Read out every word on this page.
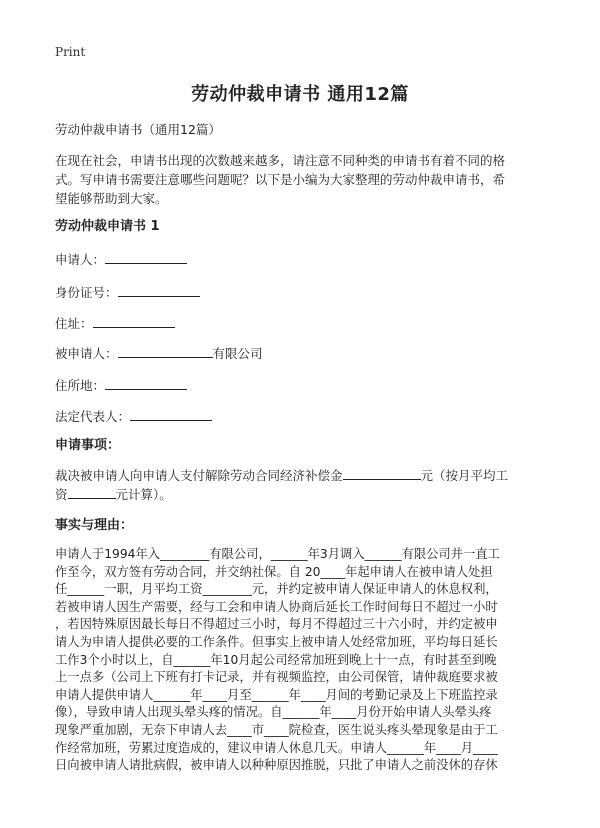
Print
劳动仲裁申请书 通用12篇
劳动仲裁申请书（通用12篇）
在现在社会，申请书出现的次数越来越多，请注意不同种类的申请书有着不同的格
式。写申请书需要注意哪些问题呢？以下是小编为大家整理的劳动仲裁申请书，希
望能够帮助到大家。
劳动仲裁申请书 1
申请人：
身份证号：
住址：
被申请人：	有限公司
住所地：
法定代表人：
申请事项：
裁决被申请人向申请人支付解除劳动合同经济补偿金	元（按月平均工
资	元计算）。
事实与理由：
申请人于1994年入________有限公司，______年3月调入______有限公司并一直工
作至今，双方签有劳动合同，并交纳社保。自 20____年起申请人在被申请人处担
任______一职，月平均工资________元，并约定被申请人保证申请人的休息权利，
若被申请人因生产需要，经与工会和申请人协商后延长工作时间每日不超过一小时
，若因特殊原因最长每日不得超过三小时，每月不得超过三十六小时，并约定被申
请人为申请人提供必要的工作条件。但事实上被申请人处经常加班，平均每日延长
工作3个小时以上，自______年10月起公司经常加班到晚上十一点，有时甚至到晚
上一点多（公司上下班有打卡记录，并有视频监控，由公司保管，请仲裁庭要求被
申请人提供申请人______年____月至______年____月间的考勤记录及上下班监控录
像），导致申请人出现头晕头疼的情况。自______年____月份开始申请人头晕头疼
现象严重加剧，无奈下申请人去____市____院检查，医生说头疼头晕现象是由于工
作经常加班，劳累过度造成的，建议申请人休息几天。申请人______年____月____
日向被申请人请批病假，被申请人以种种原因推脱，只批了申请人之前没休的存休
